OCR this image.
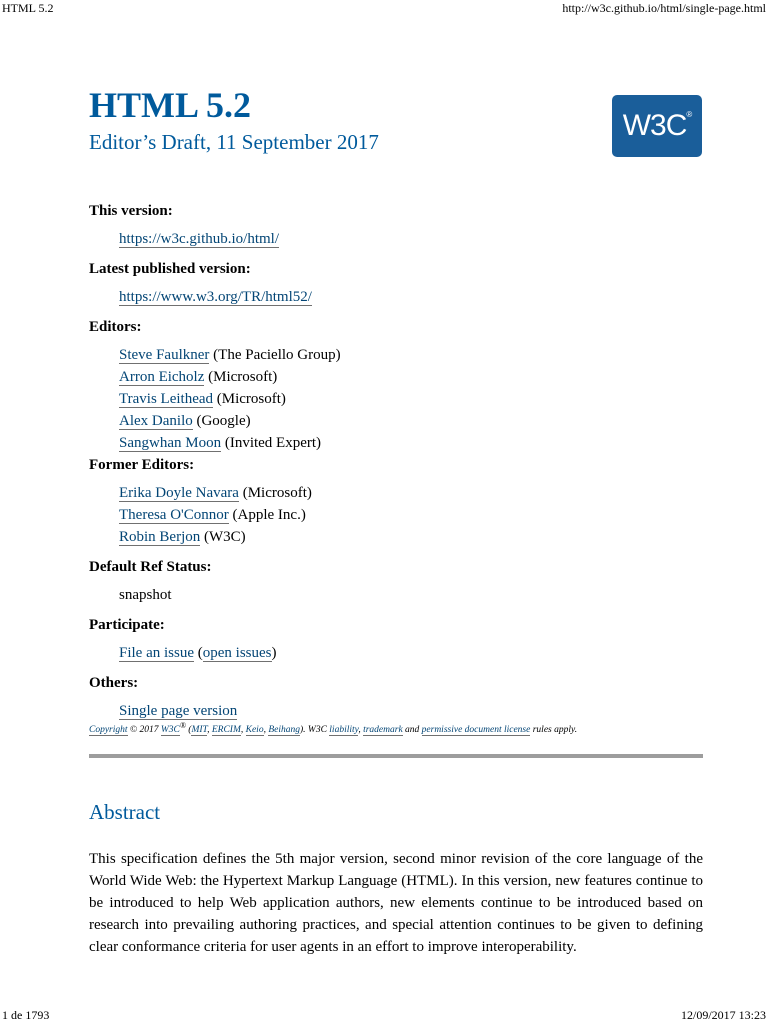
HTML 5.2	http://w3c.github.io/html/single-page.html
HTML 5.2
Editor’s Draft, 11 September 2017	W3C®
This version:
https://w3c.github.io/html/
Latest published version:
https://www.w3.org/TR/html52/
Editors:
Steve Faulkner (The Paciello Group)
Arron Eicholz (Microsoft)
Travis Leithead (Microsoft)
Alex Danilo (Google)
Sangwhan Moon (Invited Expert)
Former Editors:
Erika Doyle Navara (Microsoft)
Theresa O'Connor (Apple Inc.)
Robin Berjon (W3C)
Default Ref Status:
snapshot
Participate:
File an issue (open issues)
Others:
Single page version

Copyright © 2017 W3C® (MIT, ERCIM, Keio, Beihang). W3C liability, trademark and permissive document license rules apply.

Abstract

This specification defines the 5th major version, second minor revision of the core language of the World Wide Web: the Hypertext Markup Language (HTML). In this version, new features continue to be introduced to help Web application authors, new elements continue to be introduced based on research into prevailing authoring practices, and special attention continues to be given to defining clear conformance criteria for user agents in an effort to improve interoperability.

1 de 1793	12/09/2017 13:23
